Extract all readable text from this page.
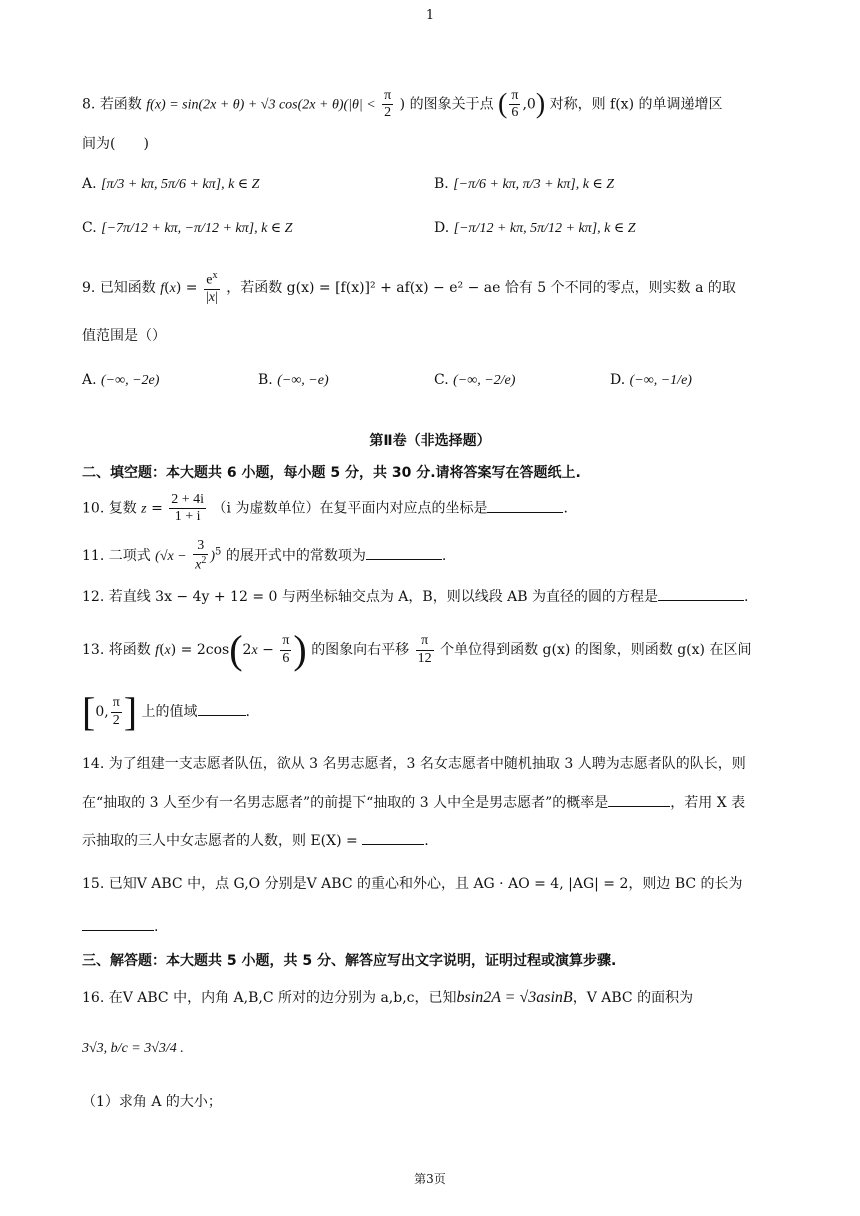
1
8. 若函数 f(x) = sin(2x + θ) + √3 $\cos(2x + \theta)(|\theta| < \frac{\pi}{2}$ ) 的图象关于点 ( $\frac{\pi}{6} ,0$) 对称，则 f(x) 的单调递增区
间为(　　)
A. [π/3 + kπ, 5π/6 + kπ], k ∈ Z	B. [−π/6 + kπ, π/3 + kπ], k ∈ Z
C. [−7π/12 + kπ, −π/12 + kπ], k ∈ Z	D. [−π/12 + kπ, 5π/12 + kπ], k ∈ Z
9. 已知函数 $f(x) = \frac{e^x}{|x|}$ ，若函数 g(x) = [f(x)]² + af(x) − e² − ae 恰有 5 个不同的零点，则实数 a 的取
值范围是（）
A. (−∞, −2e)	B. (−∞, −e)	C. (−∞, −2/e)	D. (−∞, −1/e)
第Ⅱ卷（非选择题）
二、填空题：本大题共 6 小题，每小题 5 分，共 30 分.请将答案写在答题纸上.
10. 复数 $z = \frac{2 + 4i}{1 + i} (i$ 为虚数单位）在复平面内对应点的坐标是	.
11. 二项式 $(√x - \frac{3}{x^2} )^5$ 的展开式中的常数项为	.
12. 若直线 3x − 4y + 12 = 0 与两坐标轴交点为 A，B，则以线段 AB 为直径的圆的方程是	.
13. 将函数 $f(x) = 2\cos(2x - \frac{\pi}{6}$ ) 的图象向右平移 $\frac{\pi}{12}$ 个单位得到函数 g(x) 的图象，则函数 g(x) 在区间
[0, $\frac{\pi}{2}$ ] 上的值域	.
14. 为了组建一支志愿者队伍，欲从 3 名男志愿者，3 名女志愿者中随机抽取 3 人聘为志愿者队的队长，则
在“抽取的 3 人至少有一名男志愿者”的前提下“抽取的 3 人中全是男志愿者”的概率是	，若用 X 表
示抽取的三人中女志愿者的人数，则 E(X) =	.
15. 已知V ABC 中，点 G,O 分别是V ABC 的重心和外心，且 AG · AO = 4, |AG| = 2，则边 BC 的长为
.
三、解答题：本大题共 5 小题，共 5 分、解答应写出文字说明，证明过程或演算步骤.
16. 在V ABC 中，内角 A,B,C 所对的边分别为 a,b,c，已知bsin2A = √3asinB，V ABC 的面积为
3√3, b/c = 3√3/4 .
（1）求角 A 的大小；
第3页
